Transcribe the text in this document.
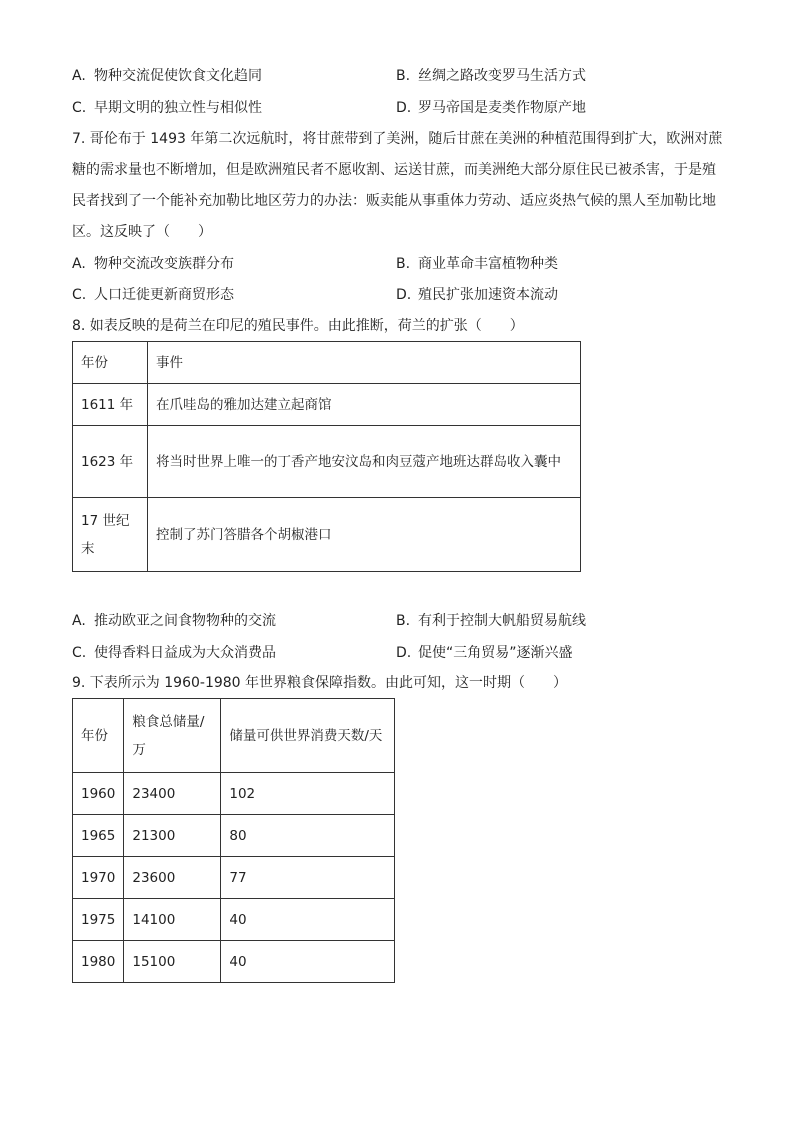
A. 物种交流促使饮食文化趋同	B. 丝绸之路改变罗马生活方式
C. 早期文明的独立性与相似性	D. 罗马帝国是麦类作物原产地
7. 哥伦布于 1493 年第二次远航时，将甘蔗带到了美洲，随后甘蔗在美洲的种植范围得到扩大，欧洲对蔗糖的需求量也不断增加，但是欧洲殖民者不愿收割、运送甘蔗，而美洲绝大部分原住民已被杀害，于是殖民者找到了一个能补充加勒比地区劳力的办法：贩卖能从事重体力劳动、适应炎热气候的黑人至加勒比地区。这反映了（　　）
A. 物种交流改变族群分布	B. 商业革命丰富植物种类
C. 人口迁徙更新商贸形态	D. 殖民扩张加速资本流动
8. 如表反映的是荷兰在印尼的殖民事件。由此推断，荷兰的扩张（　　）
年份	事件
1611 年	在爪哇岛的雅加达建立起商馆
1623 年	将当时世界上唯一的丁香产地安汶岛和肉豆蔻产地班达群岛收入囊中
17 世纪末	控制了苏门答腊各个胡椒港口
A. 推动欧亚之间食物物种的交流	B. 有利于控制大帆船贸易航线
C. 使得香料日益成为大众消费品	D. 促使“三角贸易”逐渐兴盛
9. 下表所示为 1960-1980 年世界粮食保障指数。由此可知，这一时期（　　）
年份	粮食总储量/万	储量可供世界消费天数/天
1960	23400	102
1965	21300	80
1970	23600	77
1975	14100	40
1980	15100	40
